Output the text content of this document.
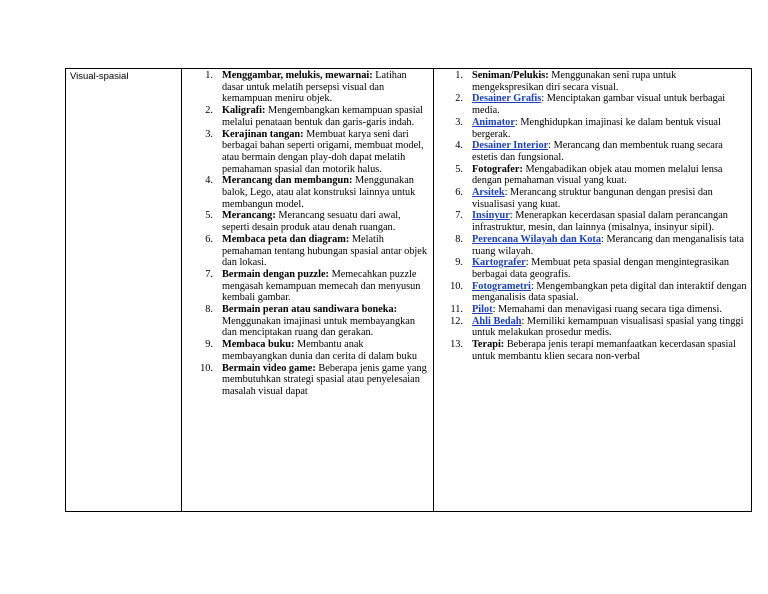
Visual-spasial	1. Menggambar, melukis, mewarnai: Latihan dasar untuk melatih persepsi visual dan kemampuan meniru objek.
2. Kaligrafi: Mengembangkan kemampuan spasial melalui penataan bentuk dan garis-garis indah.
3. Kerajinan tangan: Membuat karya seni dari berbagai bahan seperti origami, membuat model, atau bermain dengan play-doh dapat melatih pemahaman spasial dan motorik halus.
4. Merancang dan membangun: Menggunakan balok, Lego, atau alat konstruksi lainnya untuk membangun model.
5. Merancang: Merancang sesuatu dari awal, seperti desain produk atau denah ruangan.
6. Membaca peta dan diagram: Melatih pemahaman tentang hubungan spasial antar objek dan lokasi.
7. Bermain dengan puzzle: Memecahkan puzzle mengasah kemampuan memecah dan menyusun kembali gambar.
8. Bermain peran atau sandiwara boneka: Menggunakan imajinasi untuk membayangkan dan menciptakan ruang dan gerakan.
9. Membaca buku: Membantu anak membayangkan dunia dan cerita di dalam buku
10. Bermain video game: Beberapa jenis game yang membutuhkan strategi spasial atau penyelesaian masalah visual dapat
1. Seniman/Pelukis: Menggunakan seni rupa untuk mengekspresikan diri secara visual.
2. Desainer Grafis: Menciptakan gambar visual untuk berbagai media.
3. Animator: Menghidupkan imajinasi ke dalam bentuk visual bergerak.
4. Desainer Interior: Merancang dan membentuk ruang secara estetis dan fungsional.
5. Fotografer: Mengabadikan objek atau momen melalui lensa dengan pemahaman visual yang kuat.
6. Arsitek: Merancang struktur bangunan dengan presisi dan visualisasi yang kuat.
7. Insinyur: Menerapkan kecerdasan spasial dalam perancangan infrastruktur, mesin, dan lainnya (misalnya, insinyur sipil).
8. Perencana Wilayah dan Kota: Merancang dan menganalisis tata ruang wilayah.
9. Kartografer: Membuat peta spasial dengan mengintegrasikan berbagai data geografis.
10. Fotogrametri: Mengembangkan peta digital dan interaktif dengan menganalisis data spasial.
11. Pilot: Memahami dan menavigasi ruang secara tiga dimensi.
12. Ahli Bedah: Memiliki kemampuan visualisasi spasial yang tinggi untuk melakukan prosedur medis.
13. Terapi: Beberapa jenis terapi memanfaatkan kecerdasan spasial untuk membantu klien secara non-verbal
